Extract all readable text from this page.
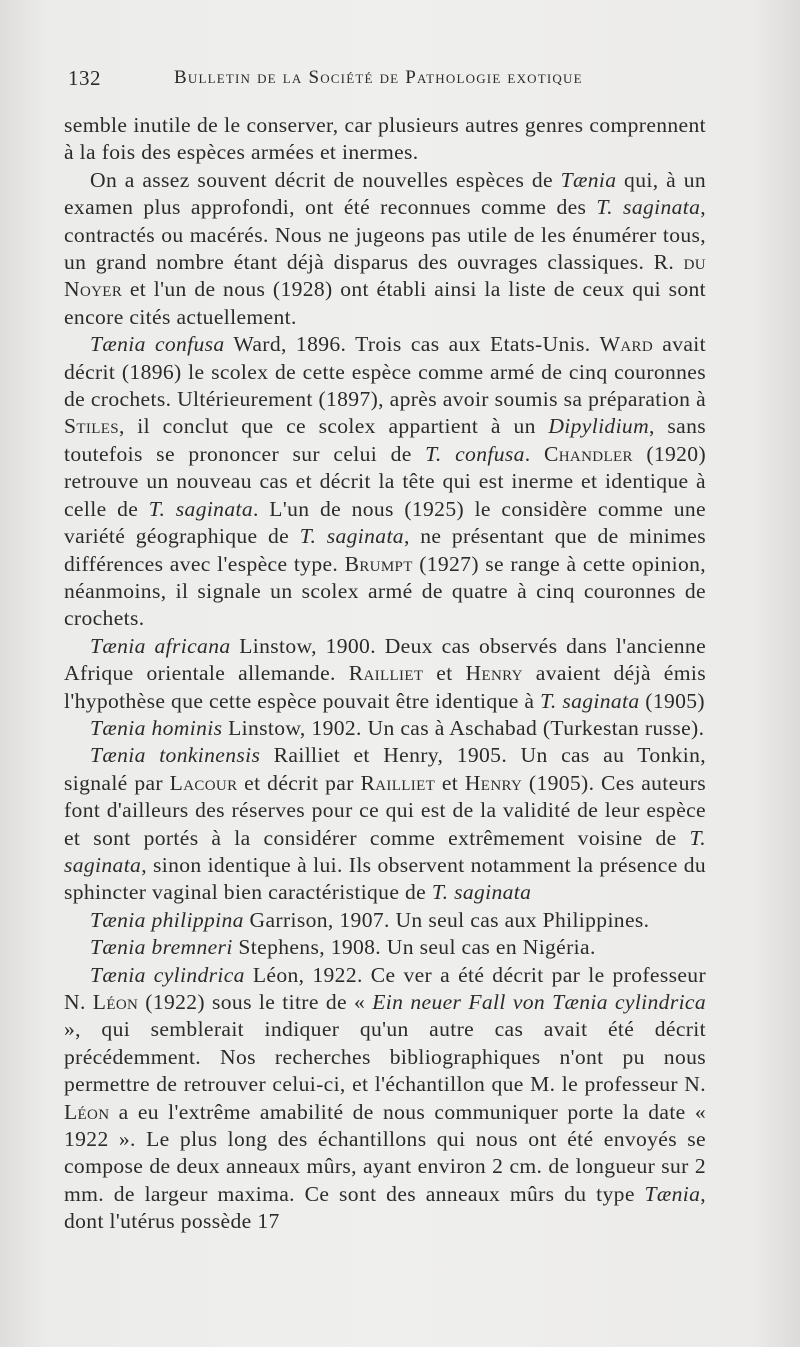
132	Bulletin de la Société de Pathologie exotique

semble inutile de le conserver, car plusieurs autres genres comprennent à la fois des espèces armées et inermes.

On a assez souvent décrit de nouvelles espèces de Tænia qui, à un examen plus approfondi, ont été reconnues comme des T. saginata, contractés ou macérés. Nous ne jugeons pas utile de les énumérer tous, un grand nombre étant déjà disparus des ouvrages classiques. R. du Noyer et l'un de nous (1928) ont établi ainsi la liste de ceux qui sont encore cités actuellement.

Tænia confusa Ward, 1896. Trois cas aux Etats-Unis. Ward avait décrit (1896) le scolex de cette espèce comme armé de cinq couronnes de crochets. Ultérieurement (1897), après avoir soumis sa préparation à Stiles, il conclut que ce scolex appartient à un Dipylidium, sans toutefois se prononcer sur celui de T. confusa. Chandler (1920) retrouve un nouveau cas et décrit la tête qui est inerme et identique à celle de T. saginata. L'un de nous (1925) le considère comme une variété géographique de T. saginata, ne présentant que de minimes différences avec l'espèce type. Brumpt (1927) se range à cette opinion, néanmoins, il signale un scolex armé de quatre à cinq couronnes de crochets.

Tænia africana Linstow, 1900. Deux cas observés dans l'ancienne Afrique orientale allemande. Railliet et Henry avaient déjà émis l'hypothèse que cette espèce pouvait être identique à T. saginata (1905)

Tænia hominis Linstow, 1902. Un cas à Aschabad (Turkestan russe).

Tænia tonkinensis Railliet et Henry, 1905. Un cas au Tonkin, signalé par Lacour et décrit par Railliet et Henry (1905). Ces auteurs font d'ailleurs des réserves pour ce qui est de la validité de leur espèce et sont portés à la considérer comme extrêmement voisine de T. saginata, sinon identique à lui. Ils observent notamment la présence du sphincter vaginal bien caractéristique de T. saginata

Tænia philippina Garrison, 1907. Un seul cas aux Philippines.

Tænia bremneri Stephens, 1908. Un seul cas en Nigéria.

Tænia cylindrica Léon, 1922. Ce ver a été décrit par le professeur N. Léon (1922) sous le titre de « Ein neuer Fall von Tænia cylindrica », qui semblerait indiquer qu'un autre cas avait été décrit précédemment. Nos recherches bibliographiques n'ont pu nous permettre de retrouver celui-ci, et l'échantillon que M. le professeur N. Léon a eu l'extrême amabilité de nous communiquer porte la date « 1922 ». Le plus long des échantillons qui nous ont été envoyés se compose de deux anneaux mûrs, ayant environ 2 cm. de longueur sur 2 mm. de largeur maxima. Ce sont des anneaux mûrs du type Tænia, dont l'utérus possède 17
